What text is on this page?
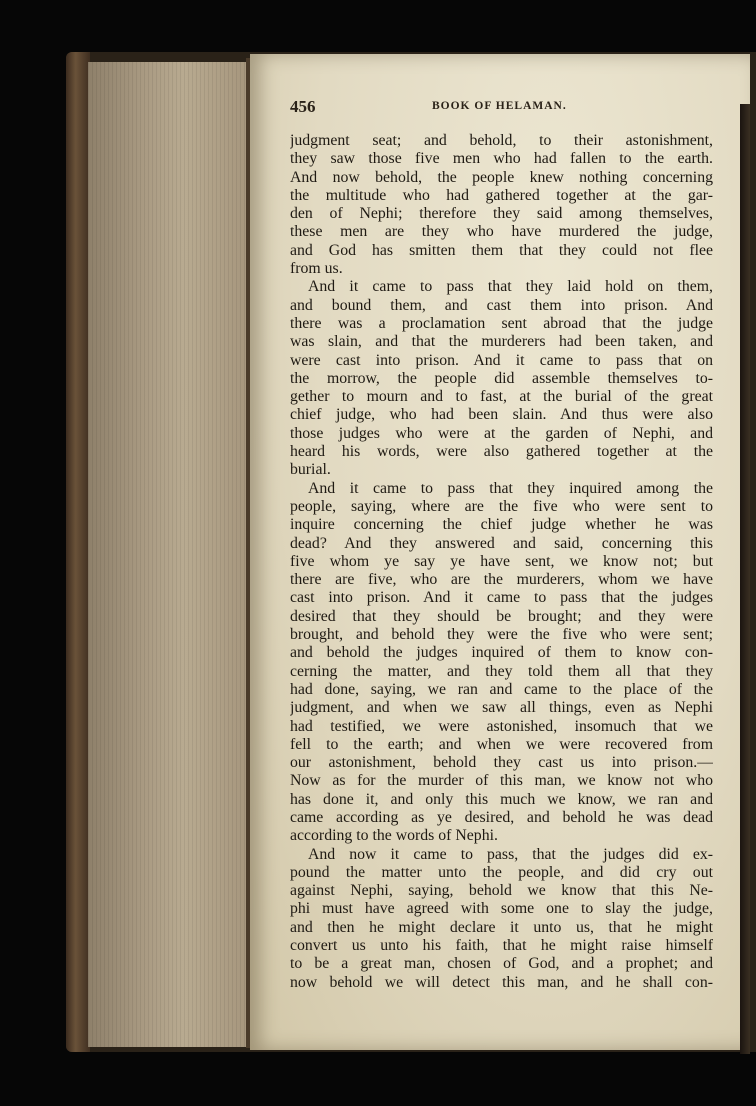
456	BOOK OF HELAMAN.
judgment seat; and behold, to their astonishment,
they saw those five men who had fallen to the earth.
And now behold, the people knew nothing concerning
the multitude who had gathered together at the gar-
den of Nephi; therefore they said among themselves,
these men are they who have murdered the judge,
and God has smitten them that they could not flee
from us.
And it came to pass that they laid hold on them,
and bound them, and cast them into prison. And
there was a proclamation sent abroad that the judge
was slain, and that the murderers had been taken, and
were cast into prison. And it came to pass that on
the morrow, the people did assemble themselves to-
gether to mourn and to fast, at the burial of the great
chief judge, who had been slain. And thus were also
those judges who were at the garden of Nephi, and
heard his words, were also gathered together at the
burial.
And it came to pass that they inquired among the
people, saying, where are the five who were sent to
inquire concerning the chief judge whether he was
dead? And they answered and said, concerning this
five whom ye say ye have sent, we know not; but
there are five, who are the murderers, whom we have
cast into prison. And it came to pass that the judges
desired that they should be brought; and they were
brought, and behold they were the five who were sent;
and behold the judges inquired of them to know con-
cerning the matter, and they told them all that they
had done, saying, we ran and came to the place of the
judgment, and when we saw all things, even as Nephi
had testified, we were astonished, insomuch that we
fell to the earth; and when we were recovered from
our astonishment, behold they cast us into prison.—
Now as for the murder of this man, we know not who
has done it, and only this much we know, we ran and
came according as ye desired, and behold he was dead
according to the words of Nephi.
And now it came to pass, that the judges did ex-
pound the matter unto the people, and did cry out
against Nephi, saying, behold we know that this Ne-
phi must have agreed with some one to slay the judge,
and then he might declare it unto us, that he might
convert us unto his faith, that he might raise himself
to be a great man, chosen of God, and a prophet; and
now behold we will detect this man, and he shall con-
